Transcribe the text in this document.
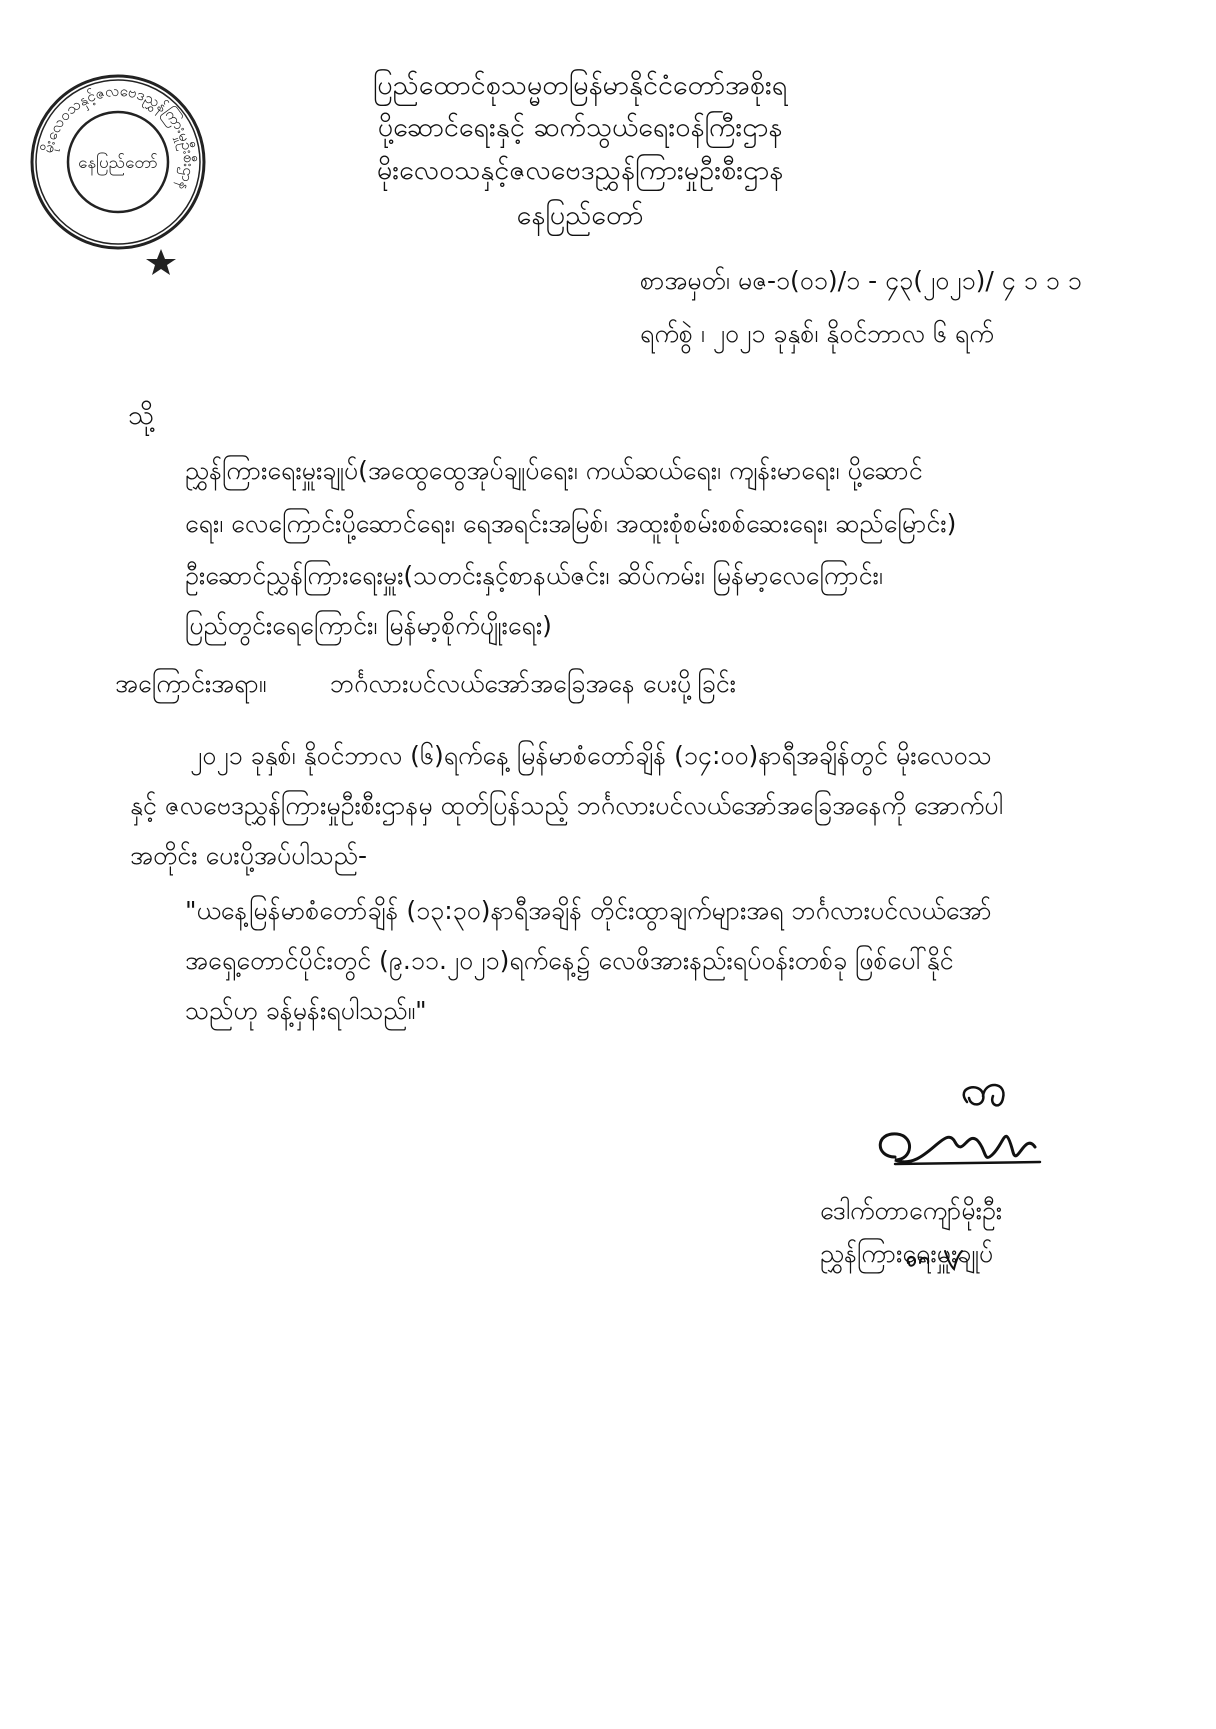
မိုးလေဝသနှင့်ဇလဗေဒညွှန်ကြားမှုဦးစီးဌာန
နေပြည်တော်
ပြည်ထောင်စုသမ္မတမြန်မာနိုင်ငံတော်အစိုးရ
ပို့ဆောင်ရေးနှင့် ဆက်သွယ်ရေးဝန်ကြီးဌာန
မိုးလေဝသနှင့်ဇလဗေဒညွှန်ကြားမှုဦးစီးဌာန
နေပြည်တော်
စာအမှတ်၊ မဇ-၁(၀၁)/၁ - ၄၃(၂၀၂၁)/ ၄ ၁ ၁ ၁
ရက်စွဲ ၊ ၂၀၂၁ ခုနှစ်၊ နိုဝင်ဘာလ ၆ ရက်
သို့
ညွှန်ကြားရေးမှူးချုပ်(အထွေထွေအုပ်ချုပ်ရေး၊ ကယ်ဆယ်ရေး၊ ကျန်းမာရေး၊ ပို့ဆောင်
ရေး၊ လေကြောင်းပို့ဆောင်ရေး၊ ရေအရင်းအမြစ်၊ အထူးစုံစမ်းစစ်ဆေးရေး၊ ဆည်မြောင်း)
ဦးဆောင်ညွှန်ကြားရေးမှူး(သတင်းနှင့်စာနယ်ဇင်း၊ ဆိပ်ကမ်း၊ မြန်မာ့လေကြောင်း၊
ပြည်တွင်းရေကြောင်း၊ မြန်မာ့စိုက်ပျိုးရေး)
အကြောင်းအရာ။	ဘင်္ဂလားပင်လယ်အော်အခြေအနေ ပေးပို့ခြင်း
၂၀၂၁ ခုနှစ်၊ နိုဝင်ဘာလ (၆)ရက်နေ့ မြန်မာစံတော်ချိန် (၁၄:၀၀)နာရီအချိန်တွင် မိုးလေဝသ
နှင့် ဇလဗေဒညွှန်ကြားမှုဦးစီးဌာနမှ ထုတ်ပြန်သည့် ဘင်္ဂလားပင်လယ်အော်အခြေအနေကို အောက်ပါ
အတိုင်း ပေးပို့အပ်ပါသည်-
"ယနေ့မြန်မာစံတော်ချိန် (၁၃:၃၀)နာရီအချိန် တိုင်းထွာချက်များအရ ဘင်္ဂလားပင်လယ်အော်
အရှေ့တောင်ပိုင်းတွင် (၉.၁၁.၂၀၂၁)ရက်နေ့၌ လေဖိအားနည်းရပ်ဝန်းတစ်ခု ဖြစ်ပေါ်နိုင်
သည်ဟု ခန့်မှန်းရပါသည်။"
ဒေါက်တာကျော်မိုးဦး
ညွှန်ကြားရေးမှူးချုပ်
